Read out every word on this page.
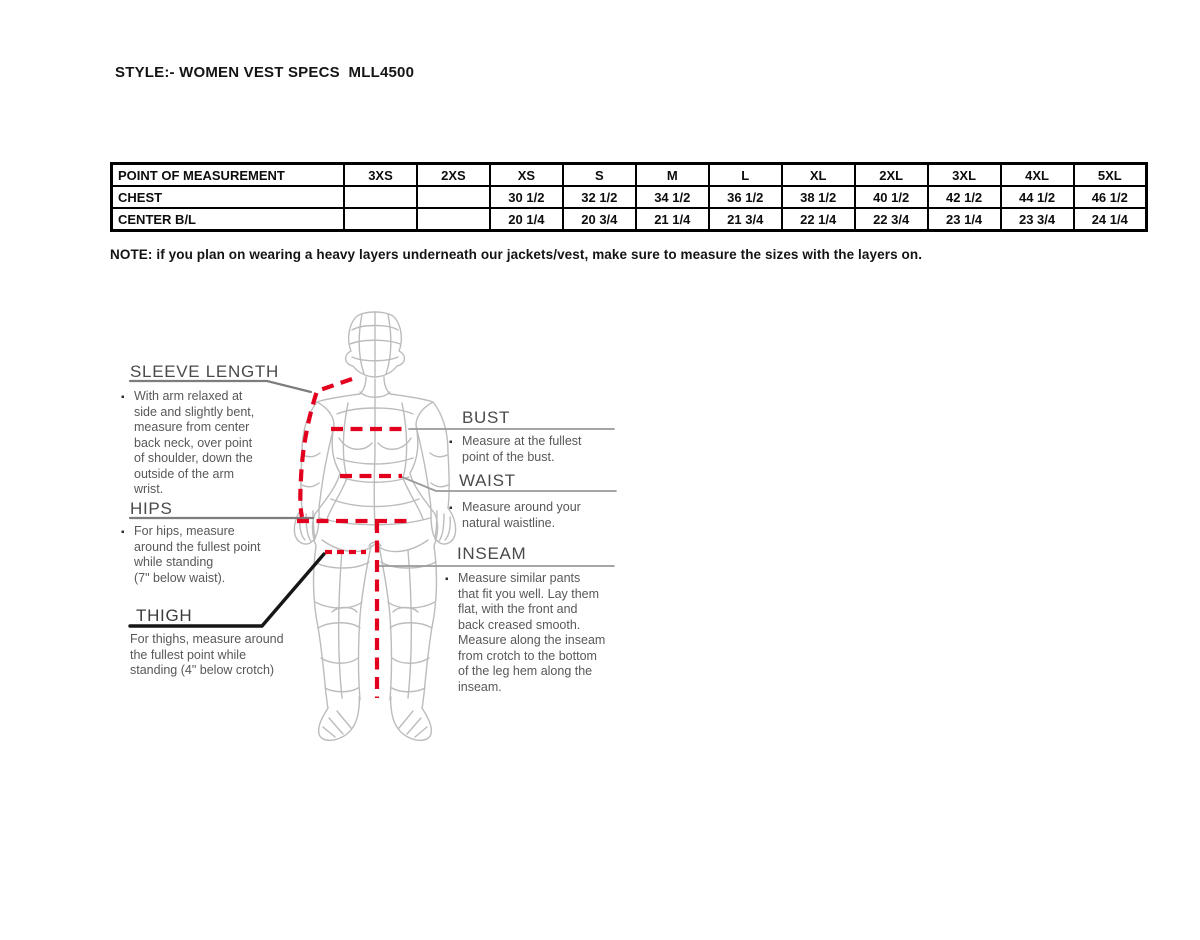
STYLE:- WOMEN VEST SPECS  MLL4500
POINT OF MEASUREMENT	3XS	2XS	XS	S	M	L	XL	2XL	3XL	4XL	5XL
CHEST			30 1/2	32 1/2	34 1/2	36 1/2	38 1/2	40 1/2	42 1/2	44 1/2	46 1/2
CENTER B/L			20 1/4	20 3/4	21 1/4	21 3/4	22 1/4	22 3/4	23 1/4	23 3/4	24 1/4
NOTE: if you plan on wearing a heavy layers underneath our jackets/vest, make sure to measure the sizes with the layers on.
SLEEVE LENGTH
▪ With arm relaxed at
side and slightly bent,
measure from center
back neck, over point
of shoulder, down the
outside of the arm
wrist.
HIPS
▪ For hips, measure
around the fullest point
while standing
(7" below waist).
THIGH
For thighs, measure around
the fullest point while
standing (4" below crotch)
BUST
▪ Measure at the fullest
point of the bust.
WAIST
▪ Measure around your
natural waistline.
INSEAM
▪ Measure similar pants
that fit you well. Lay them
flat, with the front and
back creased smooth.
Measure along the inseam
from crotch to the bottom
of the leg hem along the
inseam.
